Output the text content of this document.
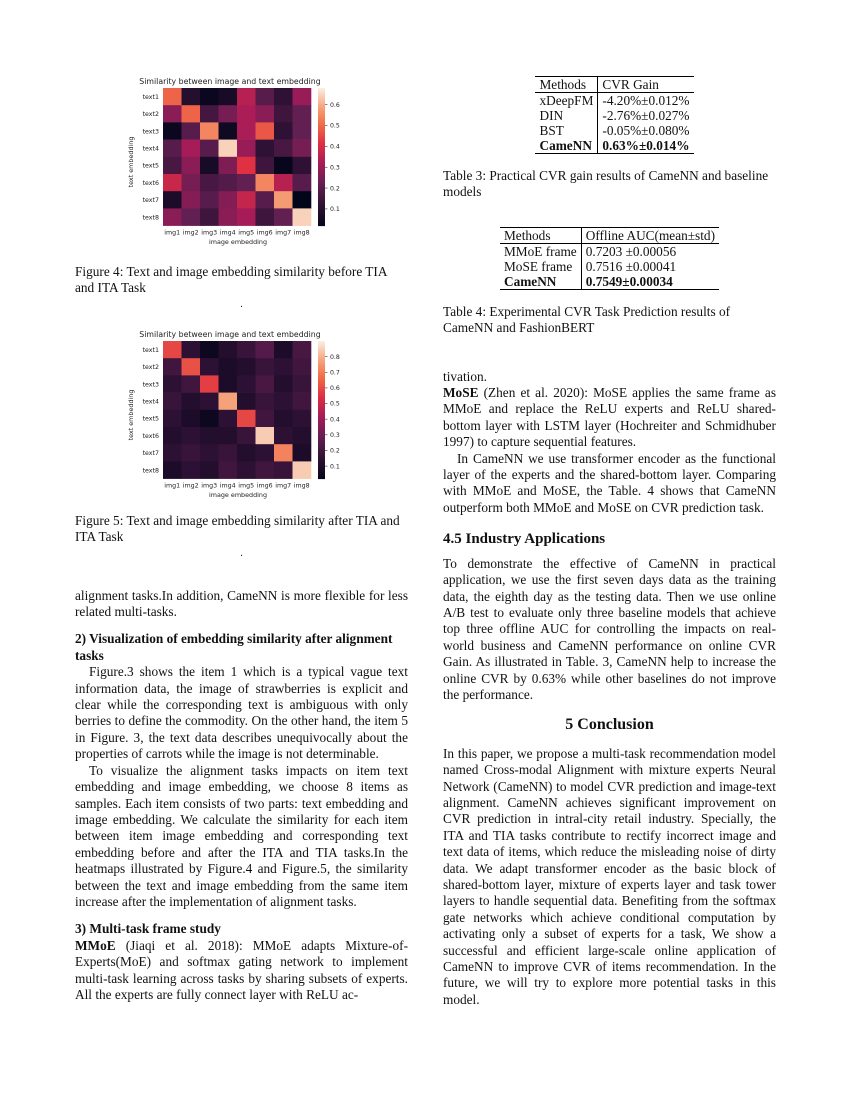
Similarity between image and text embedding
text1
text2
text3
text4
text5
text6
text7
text8
img1 img2 img3 img4 img5 img6 img7 img8
image embedding
text embedding
0.6
0.5
0.4
0.3
0.2
0.1

Figure 4: Text and image embedding similarity before TIA and ITA Task

·
Similarity between image and text embedding
text1
text2
text3
text4
text5
text6
text7
text8
img1 img2 img3 img4 img5 img6 img7 img8
image embedding
text embedding
0.8
0.7
0.6
0.5
0.4
0.3
0.2
0.1

Figure 5: Text and image embedding similarity after TIA and ITA Task

·

alignment tasks.In addition, CameNN is more flexible for less related multi-tasks.

2) Visualization of embedding similarity after alignment tasks

Figure.3 shows the item 1 which is a typical vague text information data, the image of strawberries is explicit and clear while the corresponding text is ambiguous with only berries to define the commodity. On the other hand, the item 5 in Figure. 3, the text data describes unequivocally about the properties of carrots while the image is not determinable.

To visualize the alignment tasks impacts on item text embedding and image embedding, we choose 8 items as samples. Each item consists of two parts: text embedding and image embedding. We calculate the similarity for each item between item image embedding and corresponding text embedding before and after the ITA and TIA tasks.In the heatmaps illustrated by Figure.4 and Figure.5, the similarity between the text and image embedding from the same item increase after the implementation of alignment tasks.

3) Multi-task frame study

MMoE (Jiaqi et al. 2018): MMoE adapts Mixture-of-Experts(MoE) and softmax gating network to implement multi-task learning across tasks by sharing subsets of experts. All the experts are fully connect layer with ReLU ac-

Methods	CVR Gain
xDeepFM	-4.20%±0.012%
DIN	-2.76%±0.027%
BST	-0.05%±0.080%
CameNN	0.63%±0.014%

Table 3: Practical CVR gain results of CameNN and baseline models

Methods	Offline AUC(mean±std)
MMoE frame	0.7203 ±0.00056
MoSE frame	0.7516 ±0.00041
CameNN	0.7549±0.00034

Table 4: Experimental CVR Task Prediction results of CameNN and FashionBERT

tivation.

MoSE (Zhen et al. 2020): MoSE applies the same frame as MMoE and replace the ReLU experts and ReLU shared-bottom layer with LSTM layer (Hochreiter and Schmidhuber 1997) to capture sequential features.

In CameNN we use transformer encoder as the functional layer of the experts and the shared-bottom layer. Comparing with MMoE and MoSE, the Table. 4 shows that CameNN outperform both MMoE and MoSE on CVR prediction task.

4.5 Industry Applications

To demonstrate the effective of CameNN in practical application, we use the first seven days data as the training data, the eighth day as the testing data. Then we use online A/B test to evaluate only three baseline models that achieve top three offline AUC for controlling the impacts on real-world business and CameNN performance on online CVR Gain. As illustrated in Table. 3, CameNN help to increase the online CVR by 0.63% while other baselines do not improve the performance.

5 Conclusion

In this paper, we propose a multi-task recommendation model named Cross-modal Alignment with mixture experts Neural Network (CameNN) to model CVR prediction and image-text alignment. CameNN achieves significant improvement on CVR prediction in intral-city retail industry. Specially, the ITA and TIA tasks contribute to rectify incorrect image and text data of items, which reduce the misleading noise of dirty data. We adapt transformer encoder as the basic block of shared-bottom layer, mixture of experts layer and task tower layers to handle sequential data. Benefiting from the softmax gate networks which achieve conditional computation by activating only a subset of experts for a task, We show a successful and efficient large-scale online application of CameNN to improve CVR of items recommendation. In the future, we will try to explore more potential tasks in this model.
